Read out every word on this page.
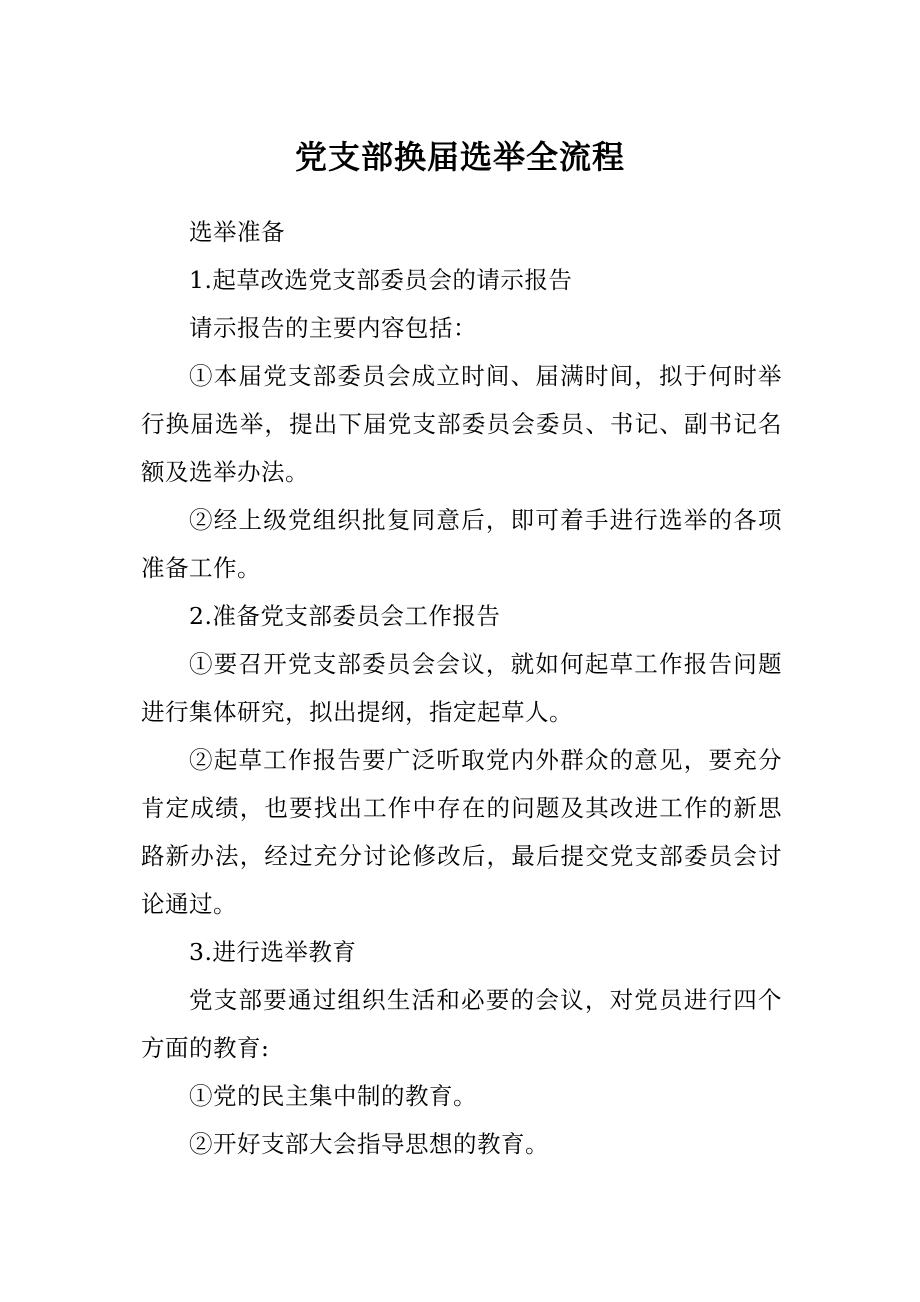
党支部换届选举全流程

选举准备

1.起草改选党支部委员会的请示报告

请示报告的主要内容包括：

①本届党支部委员会成立时间、届满时间，拟于何时举行换届选举，提出下届党支部委员会委员、书记、副书记名额及选举办法。

②经上级党组织批复同意后，即可着手进行选举的各项准备工作。

2.准备党支部委员会工作报告

①要召开党支部委员会会议，就如何起草工作报告问题进行集体研究，拟出提纲，指定起草人。

②起草工作报告要广泛听取党内外群众的意见，要充分肯定成绩，也要找出工作中存在的问题及其改进工作的新思路新办法，经过充分讨论修改后，最后提交党支部委员会讨论通过。

3.进行选举教育

党支部要通过组织生活和必要的会议，对党员进行四个方面的教育:

①党的民主集中制的教育。

②开好支部大会指导思想的教育。
